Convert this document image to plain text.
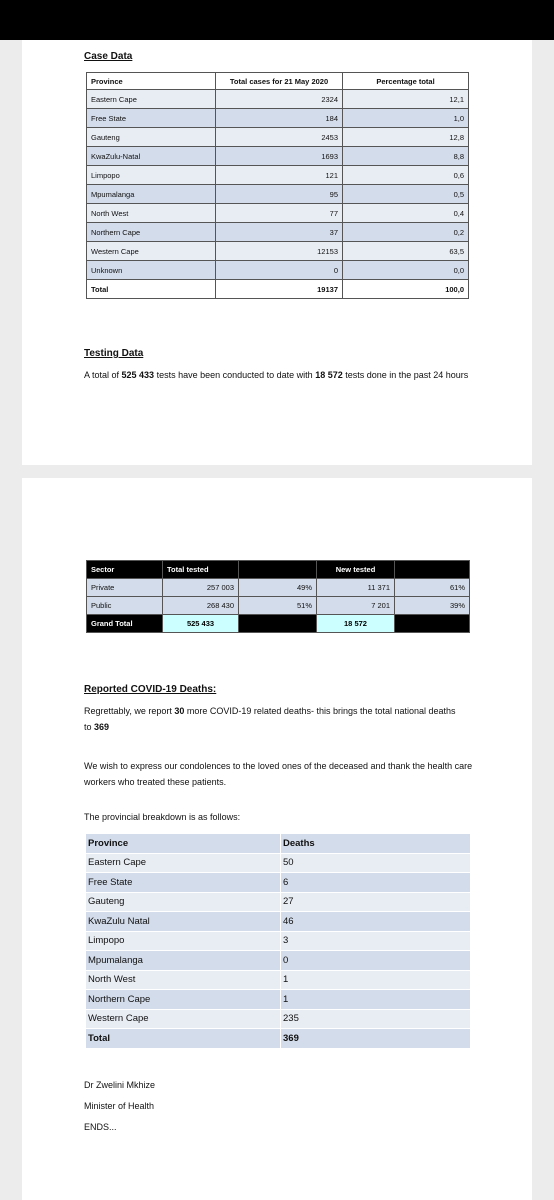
Case Data
Province	Total cases for 21 May 2020	Percentage total
Eastern Cape	2324	12,1
Free State	184	1,0
Gauteng	2453	12,8
KwaZulu-Natal	1693	8,8
Limpopo	121	0,6
Mpumalanga	95	0,5
North West	77	0,4
Northern Cape	37	0,2
Western Cape	12153	63,5
Unknown	0	0,0
Total	19137	100,0
Testing Data
A total of 525 433 tests have been conducted to date with 18 572 tests done in the past 24 hours
Sector	Total tested		New tested	
Private	257 003	49%	11 371	61%
Public	268 430	51%	7 201	39%
Grand Total	525 433		18 572	
Reported COVID-19 Deaths:
Regrettably, we report 30 more COVID-19 related deaths- this brings the total national deaths to 369
We wish to express our condolences to the loved ones of the deceased and thank the health care workers who treated these patients.
The provincial breakdown is as follows:
Province	Deaths
Eastern Cape	50
Free State	6
Gauteng	27
KwaZulu Natal	46
Limpopo	3
Mpumalanga	0
North West	1
Northern Cape	1
Western Cape	235
Total	369
Dr Zwelini Mkhize
Minister of Health
ENDS...
